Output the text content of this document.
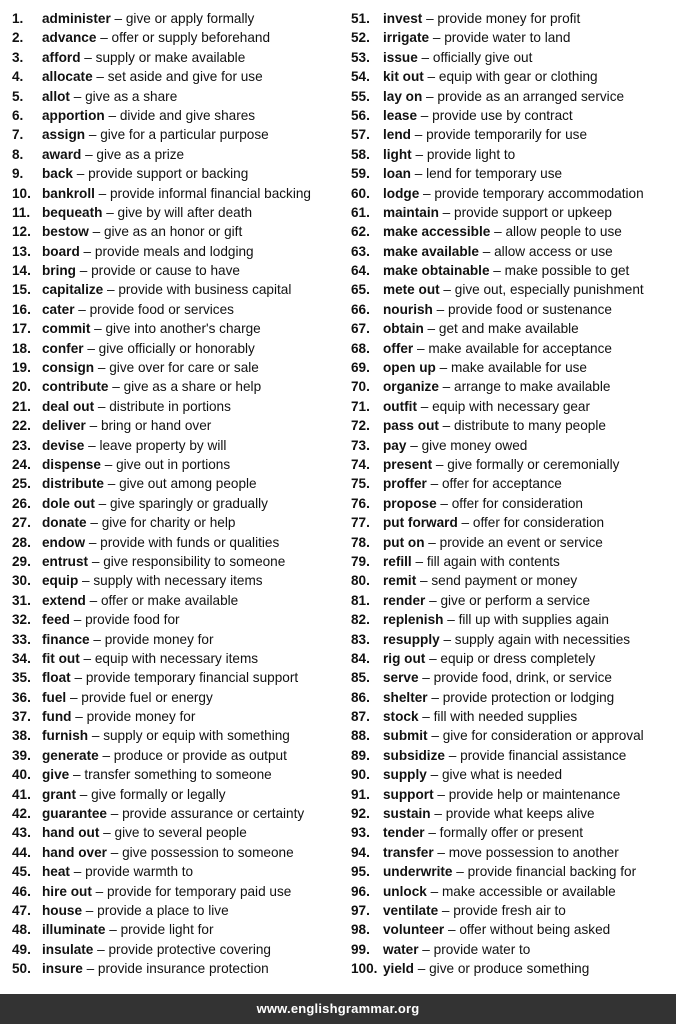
1. administer – give or apply formally
2. advance – offer or supply beforehand
3. afford – supply or make available
4. allocate – set aside and give for use
5. allot – give as a share
6. apportion – divide and give shares
7. assign – give for a particular purpose
8. award – give as a prize
9. back – provide support or backing
10. bankroll – provide informal financial backing
11. bequeath – give by will after death
12. bestow – give as an honor or gift
13. board – provide meals and lodging
14. bring – provide or cause to have
15. capitalize – provide with business capital
16. cater – provide food or services
17. commit – give into another's charge
18. confer – give officially or honorably
19. consign – give over for care or sale
20. contribute – give as a share or help
21. deal out – distribute in portions
22. deliver – bring or hand over
23. devise – leave property by will
24. dispense – give out in portions
25. distribute – give out among people
26. dole out – give sparingly or gradually
27. donate – give for charity or help
28. endow – provide with funds or qualities
29. entrust – give responsibility to someone
30. equip – supply with necessary items
31. extend – offer or make available
32. feed – provide food for
33. finance – provide money for
34. fit out – equip with necessary items
35. float – provide temporary financial support
36. fuel – provide fuel or energy
37. fund – provide money for
38. furnish – supply or equip with something
39. generate – produce or provide as output
40. give – transfer something to someone
41. grant – give formally or legally
42. guarantee – provide assurance or certainty
43. hand out – give to several people
44. hand over – give possession to someone
45. heat – provide warmth to
46. hire out – provide for temporary paid use
47. house – provide a place to live
48. illuminate – provide light for
49. insulate – provide protective covering
50. insure – provide insurance protection
51. invest – provide money for profit
52. irrigate – provide water to land
53. issue – officially give out
54. kit out – equip with gear or clothing
55. lay on – provide as an arranged service
56. lease – provide use by contract
57. lend – provide temporarily for use
58. light – provide light to
59. loan – lend for temporary use
60. lodge – provide temporary accommodation
61. maintain – provide support or upkeep
62. make accessible – allow people to use
63. make available – allow access or use
64. make obtainable – make possible to get
65. mete out – give out, especially punishment
66. nourish – provide food or sustenance
67. obtain – get and make available
68. offer – make available for acceptance
69. open up – make available for use
70. organize – arrange to make available
71. outfit – equip with necessary gear
72. pass out – distribute to many people
73. pay – give money owed
74. present – give formally or ceremonially
75. proffer – offer for acceptance
76. propose – offer for consideration
77. put forward – offer for consideration
78. put on – provide an event or service
79. refill – fill again with contents
80. remit – send payment or money
81. render – give or perform a service
82. replenish – fill up with supplies again
83. resupply – supply again with necessities
84. rig out – equip or dress completely
85. serve – provide food, drink, or service
86. shelter – provide protection or lodging
87. stock – fill with needed supplies
88. submit – give for consideration or approval
89. subsidize – provide financial assistance
90. supply – give what is needed
91. support – provide help or maintenance
92. sustain – provide what keeps alive
93. tender – formally offer or present
94. transfer – move possession to another
95. underwrite – provide financial backing for
96. unlock – make accessible or available
97. ventilate – provide fresh air to
98. volunteer – offer without being asked
99. water – provide water to
100. yield – give or produce something
www.englishgrammar.org
